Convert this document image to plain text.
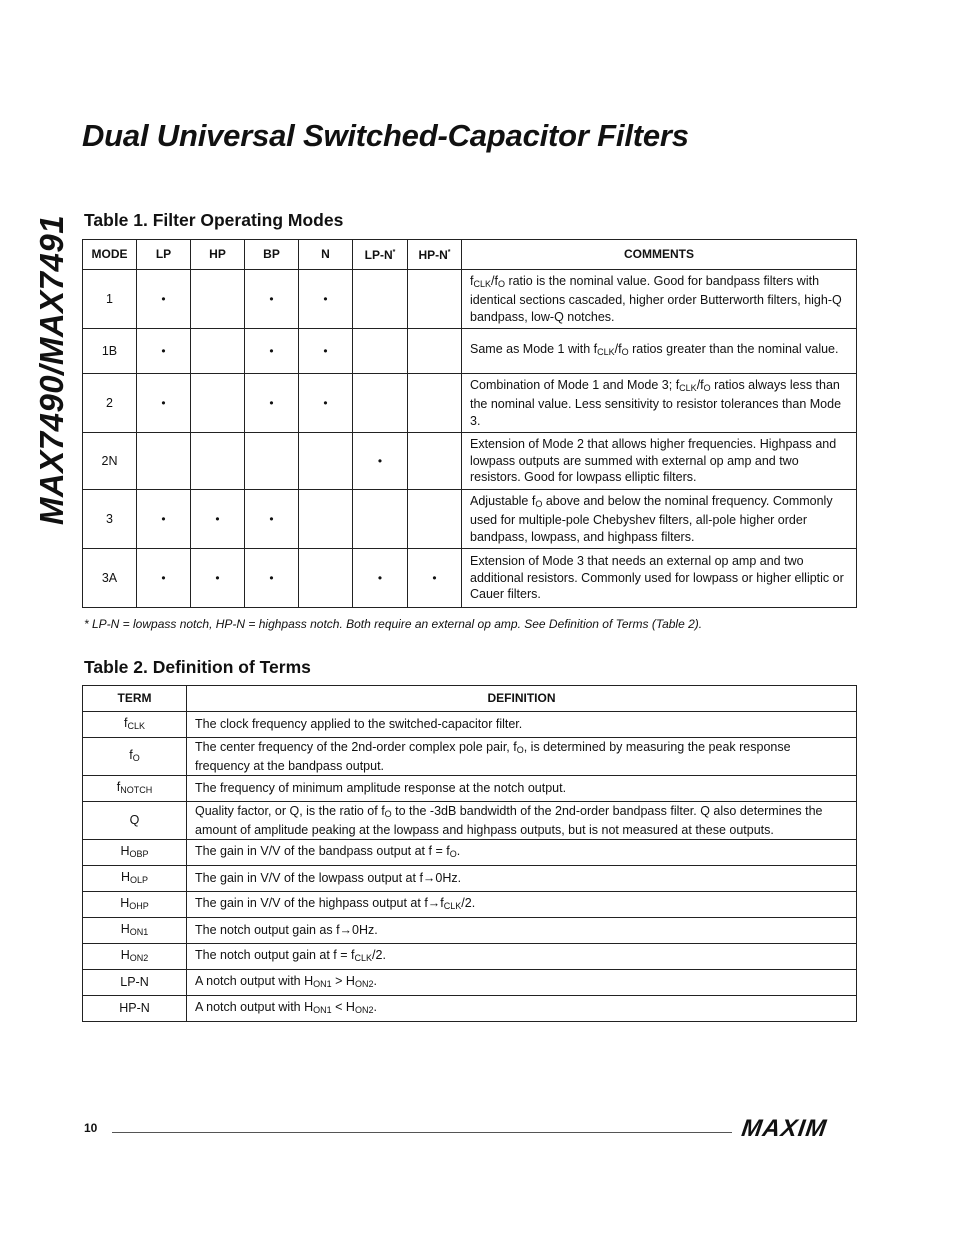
MAX7490/MAX7491
Dual Universal Switched-Capacitor Filters
Table 1. Filter Operating Modes
MODE	LP	HP	BP	N	LP-N*	HP-N*	COMMENTS
1	•		•	•			$f_{CLK}/f_O$ ratio is the nominal value. Good for bandpass filters with identical sections cascaded, higher order Butterworth filters, high-Q bandpass, low-Q notches.
1B	•		•	•			Same as Mode 1 with $f_{CLK}/f_O$ ratios greater than the nominal value.
2	•		•	•			Combination of Mode 1 and Mode 3; $f_{CLK}/f_O$ ratios always less than the nominal value. Less sensitivity to resistor tolerances than Mode 3.
2N					•		Extension of Mode 2 that allows higher frequencies. Highpass and lowpass outputs are summed with external op amp and two resistors. Good for lowpass elliptic filters.
3	•	•	•				Adjustable $f_O$ above and below the nominal frequency. Commonly used for multiple-pole Chebyshev filters, all-pole higher order bandpass, lowpass, and highpass filters.
3A	•	•	•		•	•	Extension of Mode 3 that needs an external op amp and two additional resistors. Commonly used for lowpass or higher elliptic or Cauer filters.

* LP-N = lowpass notch, HP-N = highpass notch. Both require an external op amp. See Definition of Terms (Table 2).

Table 2. Definition of Terms
TERM	DEFINITION
$f_{CLK}$	The clock frequency applied to the switched-capacitor filter.
$f_O$	The center frequency of the 2nd-order complex pole pair, $f_O$, is determined by measuring the peak response frequency at the bandpass output.
$f_{NOTCH}$	The frequency of minimum amplitude response at the notch output.
Q	Quality factor, or Q, is the ratio of $f_O$ to the -3dB bandwidth of the 2nd-order bandpass filter. Q also determines the amount of amplitude peaking at the lowpass and highpass outputs, but is not measured at these outputs.
$H_{OBP}$	The gain in V/V of the bandpass output at $f = f_O$.
$H_{OLP}$	The gain in V/V of the lowpass output at f→0Hz.
$H_{OHP}$	The gain in V/V of the highpass output at $f\to f_{CLK}/2$.
$H_{ON1}$	The notch output gain as f→0Hz.
$H_{ON2}$	The notch output gain at $f = f_{CLK}/2$.
LP-N	A notch output with $H_{ON1} > H_{ON2}$.
HP-N	A notch output with $H_{ON1} < H_{ON2}$.
10	MAXIM
